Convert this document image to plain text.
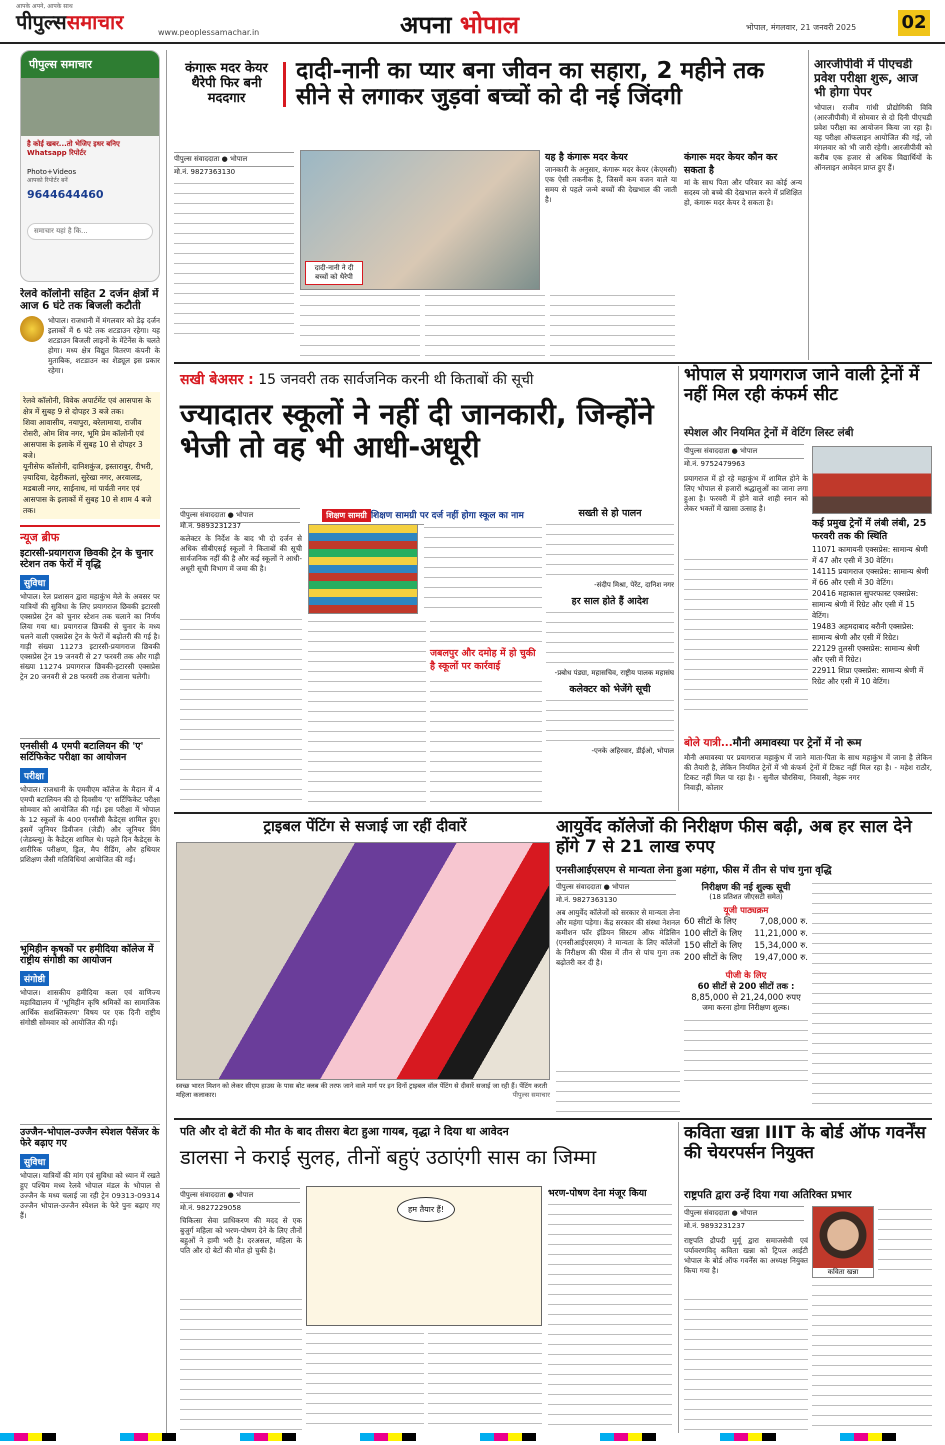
आपके अपने, आपके साथ
पीपुल्ससमाचार	www.peoplessamachar.in	अपना भोपाल	भोपाल, मंगलवार, 21 जनवरी 2025	02
पीपुल्स समाचार
है कोई खबर...तो भेजिए इधर बनिए Whatsapp रिपोर्टर
Photo+Videos
आपको रिपोर्टर बनें
9644644460
समाचार यहां है कि...
रेलवे कॉलोनी सहित 2 दर्जन क्षेत्रों में आज 6 घंटे तक बिजली कटौती
भोपाल। राजधानी में मंगलवार को डेढ़ दर्जन इलाकों में 6 घंटे तक शटडाउन रहेगा। यह शटडाउन बिजली लाइनों के मेंटेनेंस के चलते होगा। मध्य क्षेत्र विद्युत वितरण कंपनी के मुताबिक, शटडाउन का शेड्यूल इस प्रकार रहेगा।
रेलवे कॉलोनी, विवेक अपार्टमेंट एवं आसपास के क्षेत्र में सुबह 9 से दोपहर 3 बजे तक।
शिवा आवासीय, नयापुरा, बरेलामाया, राजीव रोसरी, ओम शिव नगर, भूमि प्रेम कॉलोनी एवं आसपास के इलाके में सुबह 10 से दोपहर 3 बजे।
यूनीसेफ कॉलोनी, दानिशकुंज, इस्ताराबुर, रीभरी, ज़्यादिया, देहरीकलां, सुरेखा नगर, अरवालड, मडबाली नगर, साईनाथ, मां पार्वती नगर एवं आसपास के इलाकों में सुबह 10 से शाम 4 बजे तक।
न्यूज ब्रीफ
इटारसी-प्रयागराज छिवकी ट्रेन के चुनार स्टेशन तक फेरों में वृद्धि
सुविधा
भोपाल। रेल प्रशासन द्वारा महाकुंभ मेले के अवसर पर यात्रियों की सुविधा के लिए प्रयागराज छिवकी इटारसी एक्सप्रेस ट्रेन को चुनार स्टेशन तक चलाने का निर्णय लिया गया था। प्रयागराज छिवकी से चुनार के मध्य चलने वाली एक्सप्रेस ट्रेन के फेरों में बढ़ोतरी की गई है। गाड़ी संख्या 11273 इटारसी-प्रयागराज छिवकी एक्सप्रेस ट्रेन 19 जनवरी से 27 फरवरी तक और गाड़ी संख्या 11274 प्रयागराज छिवकी-इटारसी एक्सप्रेस ट्रेन 20 जनवरी से 28 फरवरी तक रोजाना चलेगी।
एनसीसी 4 एमपी बटालियन की 'ए' सर्टिफिकेट परीक्षा का आयोजन
परीक्षा
भोपाल। राजधानी के एमवीएम कॉलेज के मैदान में 4 एमपी बटालियन की दो दिवसीय 'ए' सर्टिफिकेट परीक्षा सोमवार को आयोजित की गई। इस परीक्षा में भोपाल के 12 स्कूलों के 400 एनसीसी कैडेट्स शामिल हुए। इसमें जूनियर डिवीजन (जेडी) और जूनियर विंग (जेडब्ल्यू) के कैडेट्स शामिल थे। पहले दिन कैडेट्स के शारीरिक परीक्षण, ड्रिल, मैप रीडिंग, और हथियार प्रशिक्षण जैसी गतिविधियां आयोजित की गईं।
भूमिहीन कृषकों पर हमीदिया कॉलेज में राष्ट्रीय संगोष्ठी का आयोजन
संगोष्ठी
भोपाल। शासकीय हमीदिया कला एवं वाणिज्य महाविद्यालय में 'भूमिहीन कृषि श्रमिकों का सामाजिक आर्थिक सशक्तिकरण' विषय पर एक दिनी राष्ट्रीय संगोष्ठी सोमवार को आयोजित की गई।
उज्जैन-भोपाल-उज्जैन स्पेशल पैसेंजर के फेरे बढ़ाए गए
सुविधा
भोपाल। यात्रियों की मांग एवं सुविधा को ध्यान में रखते हुए पश्चिम मध्य रेलवे भोपाल मंडल के भोपाल से उज्जैन के मध्य चलाई जा रही ट्रेन 09313-09314 उज्जैन भोपाल-उज्जैन स्पेशल के फेरे पुनः बढ़ाए गए हैं।
कंगारू मदर केयर थैरेपी फिर बनी मददगार
दादी-नानी का प्यार बना जीवन का सहारा, 2 महीने तक सीने से लगाकर जुड़वां बच्चों को दी नई जिंदगी
पीपुल्स संवाददाता ● भोपाल
मो.नं. 9827363130
दादी-नानी ने दी बच्चों को थैरेपी
यह है कंगारू मदर केयर
जानकारी के अनुसार, कंगारू मदर केयर (केएमसी) एक ऐसी तकनीक है, जिसमें कम वजन वाले या समय से पहले जन्मे बच्चों की देखभाल की जाती है।
कंगारू मदर केयर कौन कर सकता है
मां के साथ पिता और परिवार का कोई अन्य सदस्य जो बच्चे की देखभाल करने में प्रशिक्षित हो, कंगारू मदर केयर दे सकता है।
आरजीपीवी में पीएचडी प्रवेश परीक्षा शुरू, आज भी होगा पेपर
भोपाल। राजीव गांधी प्रौद्योगिकी विवि (आरजीपीवी) में सोमवार से दो दिनी पीएचडी प्रवेश परीक्षा का आयोजन किया जा रहा है। यह परीक्षा ऑफलाइन आयोजित की गई, जो मंगलवार को भी जारी रहेगी। आरजीपीवी को करीब एक हजार से अधिक विद्यार्थियों के ऑनलाइन आवेदन प्राप्त हुए हैं।
सखी बेअसर : 15 जनवरी तक सार्वजनिक करनी थी किताबों की सूची
ज्यादातर स्कूलों ने नहीं दी जानकारी, जिन्होंने भेजी तो वह भी आधी-अधूरी
पीपुल्स संवाददाता ● भोपाल
मो.नं. 9893231237
कलेक्टर के निर्देश के बाद भी दो दर्जन से अधिक सीबीएसई स्कूलों ने किताबों की सूची सार्वजनिक नहीं की है और कई स्कूलों ने आधी-अधूरी सूची विभाग में जमा की है।
शिक्षण सामग्री शिक्षण सामग्री पर दर्ज नहीं होगा स्कूल का नाम	सख्ती से हो पालन
-संदीप मिश्रा, पेरेंट, दानिश नगर
हर साल होते हैं आदेश
-प्रबोध पंड्या, महासचिव, राष्ट्रीय पालक महासंघ
कलेक्टर को भेजेंगे सूची
-एनके अहिरवार, डीईओ, भोपाल
जबलपुर और दमोह में हो चुकी है स्कूलों पर कार्रवाई
भोपाल से प्रयागराज जाने वाली ट्रेनों में नहीं मिल रही कंफर्म सीट
स्पेशल और नियमित ट्रेनों में वेटिंग लिस्ट लंबी
पीपुल्स संवाददाता ● भोपाल
मो.नं. 9752479963
प्रयागराज में हो रहे महाकुंभ में शामिल होने के लिए भोपाल से हजारों श्रद्धालुओं का जाना लगा हुआ है। फरवरी में होने वाले शाही स्नान को लेकर भक्तों में खासा उत्साह है।
कई प्रमुख ट्रेनों में लंबी लंबी, 25 फरवरी तक की स्थिति
11071 कामायनी एक्सप्रेस: सामान्य श्रेणी में 47 और एसी में 30 वेटिंग।
14115 प्रयागराज एक्सप्रेस: सामान्य श्रेणी में 66 और एसी में 30 वेटिंग।
20416 महाकाल सुपरफास्ट एक्सप्रेस: सामान्य श्रेणी में रिग्रेट और एसी में 15 वेटिंग।
19483 अहमदाबाद बरौनी एक्सप्रेस: सामान्य श्रेणी और एसी में रिग्रेट।
22129 तुलसी एक्सप्रेस: सामान्य श्रेणी और एसी में रिग्रेट।
22911 शिप्रा एक्सप्रेस: सामान्य श्रेणी में रिग्रेट और एसी में 10 वेटिंग।
बोले यात्री...मौनी अमावस्या पर ट्रेनों में नो रूम
मौनी अमावस्या पर प्रयागराज महाकुंभ में जाने की तैयारी है, लेकिन नियमित ट्रेनों में भी कंफर्म टिकट नहीं मिल पा रहा है। - सुनील चौरसिया, निवाड़ी, कोलार
माता-पिता के साथ महाकुंभ में जाना है लेकिन ट्रेनों में टिकट नहीं मिल रहा है। - महेश राठौर, निवासी, नेहरू नगर
ट्राइबल पेंटिंग से सजाई जा रहीं दीवारें
स्वच्छ भारत मिशन को लेकर सीएम हाउस के पास बोट क्लब की तरफ जाने वाले मार्ग पर इन दिनों ट्राइबल वॉल पेंटिंग से दीवारें सजाई जा रही हैं। पेंटिंग करती महिला कलाकार।	पीपुल्स समाचार
आयुर्वेद कॉलेजों की निरीक्षण फीस बढ़ी, अब हर साल देने होंगे 7 से 21 लाख रुपए
एनसीआईएसएम से मान्यता लेना हुआ महंगा, फीस में तीन से पांच गुना वृद्धि
पीपुल्स संवाददाता ● भोपाल
मो.नं. 9827363130
अब आयुर्वेद कॉलेजों को सरकार से मान्यता लेना और महंगा पड़ेगा। केंद्र सरकार की संस्था नेशनल कमीशन फॉर इंडियन सिस्टम ऑफ मेडिसिन (एनसीआईएसएम) ने मान्यता के लिए कॉलेजों के निरीक्षण की फीस में तीन से पांच गुना तक बढ़ोतरी कर दी है।
निरीक्षण की नई शुल्क सूची
(18 प्रतिशत जीएसटी समेत)
यूजी पाठ्यक्रम
60 सीटों के लिए	7,08,000 रु.
100 सीटों के लिए 11,21,000 रु.
150 सीटों के लिए 15,34,000 रु.
200 सीटों के लिए 19,47,000 रु.
पीजी के लिए
60 सीटों से 200 सीटों तक :
8,85,000 से 21,24,000 रुपए
जमा करना होगा निरीक्षण शुल्क।
पति और दो बेटों की मौत के बाद तीसरा बेटा हुआ गायब, वृद्धा ने दिया था आवेदन
डालसा ने कराई सुलह, तीनों बहुएं उठाएंगी सास का जिम्मा
पीपुल्स संवाददाता ● भोपाल
मो.नं. 9827229058
चिकित्सा सेवा प्राधिकरण की मदद से एक बुजुर्ग महिला को भरण-पोषण देने के लिए तीनों बहुओं ने हामी भरी है। दरअसल, महिला के पति और दो बेटों की मौत हो चुकी है।
हम तैयार हैं!
भरण-पोषण देना मंजूर किया
कविता खन्ना IIIT के बोर्ड ऑफ गवर्नेंस की चेयरपर्सन नियुक्त
राष्ट्रपति द्वारा उन्हें दिया गया अतिरिक्त प्रभार
पीपुल्स संवाददाता ● भोपाल
मो.नं. 9893231237
राष्ट्रपति द्रौपदी मुर्मू द्वारा समाजसेवी एवं पर्यावरणविद् कविता खन्ना को ट्रिपल आईटी भोपाल के बोर्ड ऑफ गवर्नेंस का अध्यक्ष नियुक्त किया गया है।	कविता खन्ना
